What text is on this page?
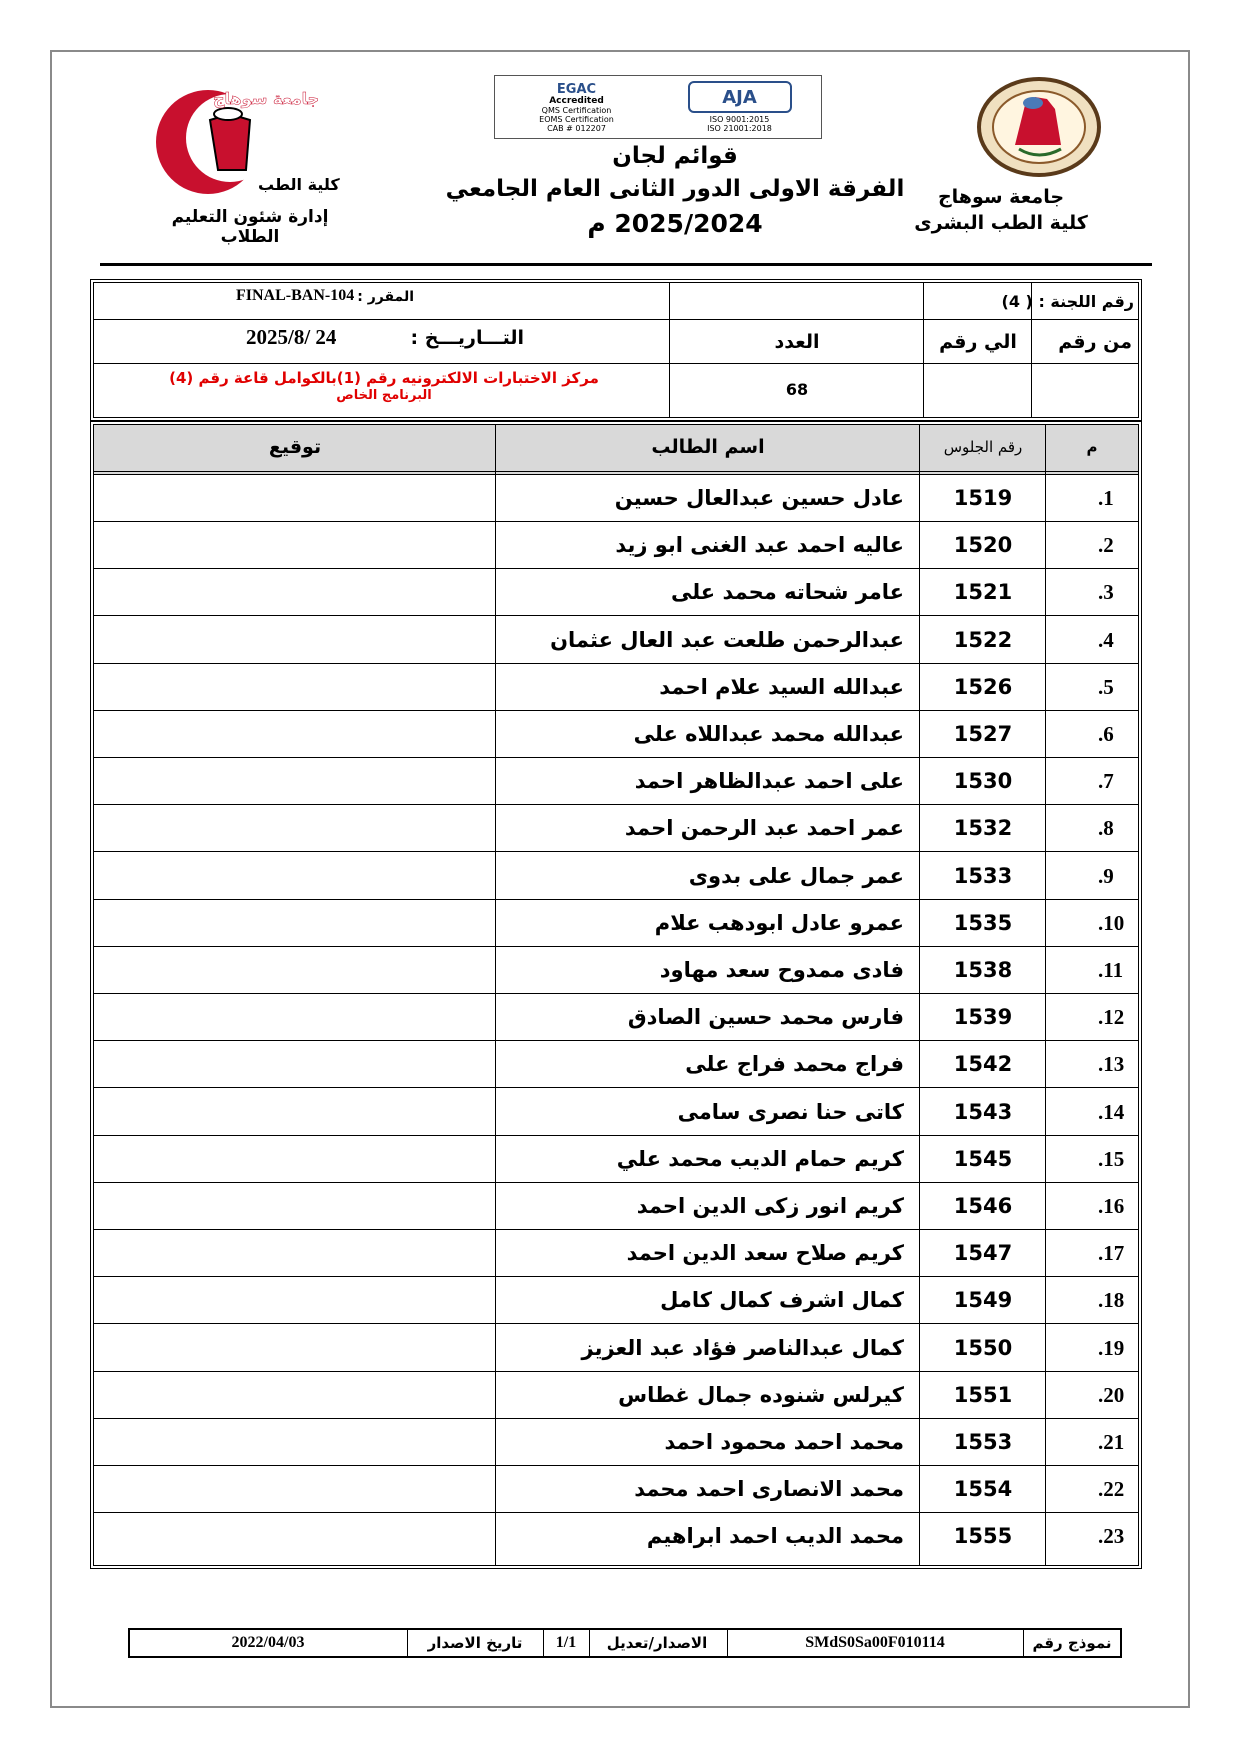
جامعة سوهاج
كلية الطب البشرى
جامعة سوهاج
كلية الطب
إدارة شئون التعليم الطلاب
EGAC
Accredited
QMS Certification
EOMS Certification
CAB # 012207
AJA
ISO 9001:2015
ISO 21001:2018
قوائم لجان
الفرقة الاولى الدور الثانى العام الجامعي
2025/2024 م
رقم اللجنة : ( 4)
المقرر :
FINAL-BAN-104
من رقم
الي رقم
العدد
التـــاريـــخ :
2025/8/ 24
68
مركز الاختبارات الالكترونيه رقم (1)بالكوامل قاعة رقم (4)
البرنامج الخاص
م
رقم الجلوس
اسم الطالب
توقيع
.1
1519
عادل حسين عبدالعال حسين
.2
1520
عاليه احمد عبد الغنى ابو زيد
.3
1521
عامر شحاته محمد على
.4
1522
عبدالرحمن طلعت عبد العال عثمان
.5
1526
عبدالله السيد علام احمد
.6
1527
عبدالله محمد عبداللاه على
.7
1530
على احمد عبدالظاهر احمد
.8
1532
عمر احمد عبد الرحمن احمد
.9
1533
عمر جمال على بدوى
.10
1535
عمرو عادل ابودهب علام
.11
1538
فادى ممدوح سعد مهاود
.12
1539
فارس محمد حسين الصادق
.13
1542
فراج محمد فراج على
.14
1543
كاتى حنا نصرى سامى
.15
1545
كريم حمام الديب محمد علي
.16
1546
كريم انور زكى الدين احمد
.17
1547
كريم صلاح سعد الدين احمد
.18
1549
كمال اشرف كمال كامل
.19
1550
كمال عبدالناصر فؤاد عبد العزيز
.20
1551
كيرلس شنوده جمال غطاس
.21
1553
محمد احمد محمود احمد
.22
1554
محمد الانصارى احمد محمد
.23
1555
محمد الديب احمد ابراهيم
نموذج رقم
SMdS0Sa00F010114
الاصدار/تعديل
1/1
تاريخ الاصدار
2022/04/03
